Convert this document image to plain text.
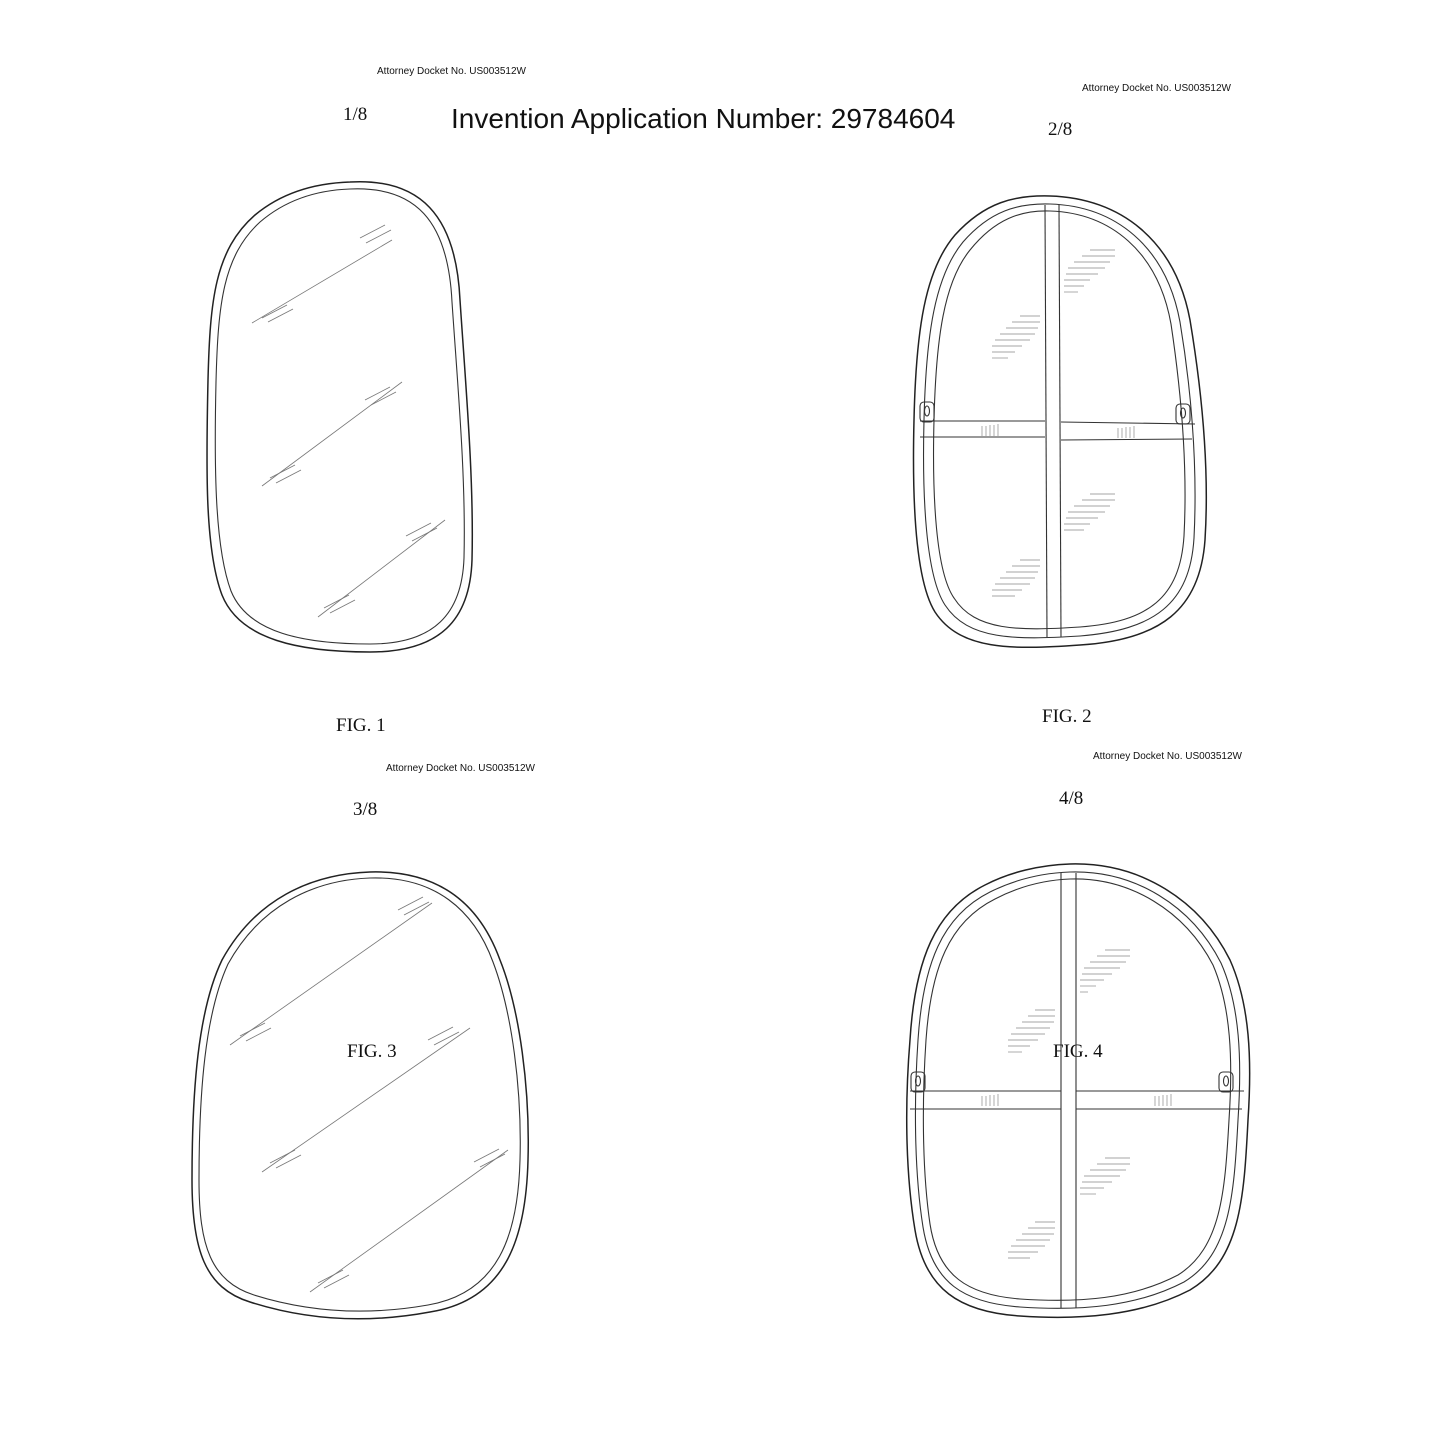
Attorney Docket No. US003512W
1/8
FIG. 1
Invention Application Number: 29784604
Attorney Docket No. US003512W
2/8
FIG. 2
Attorney Docket No. US003512W
3/8
FIG. 3
Attorney Docket No. US003512W
4/8
FIG. 4
